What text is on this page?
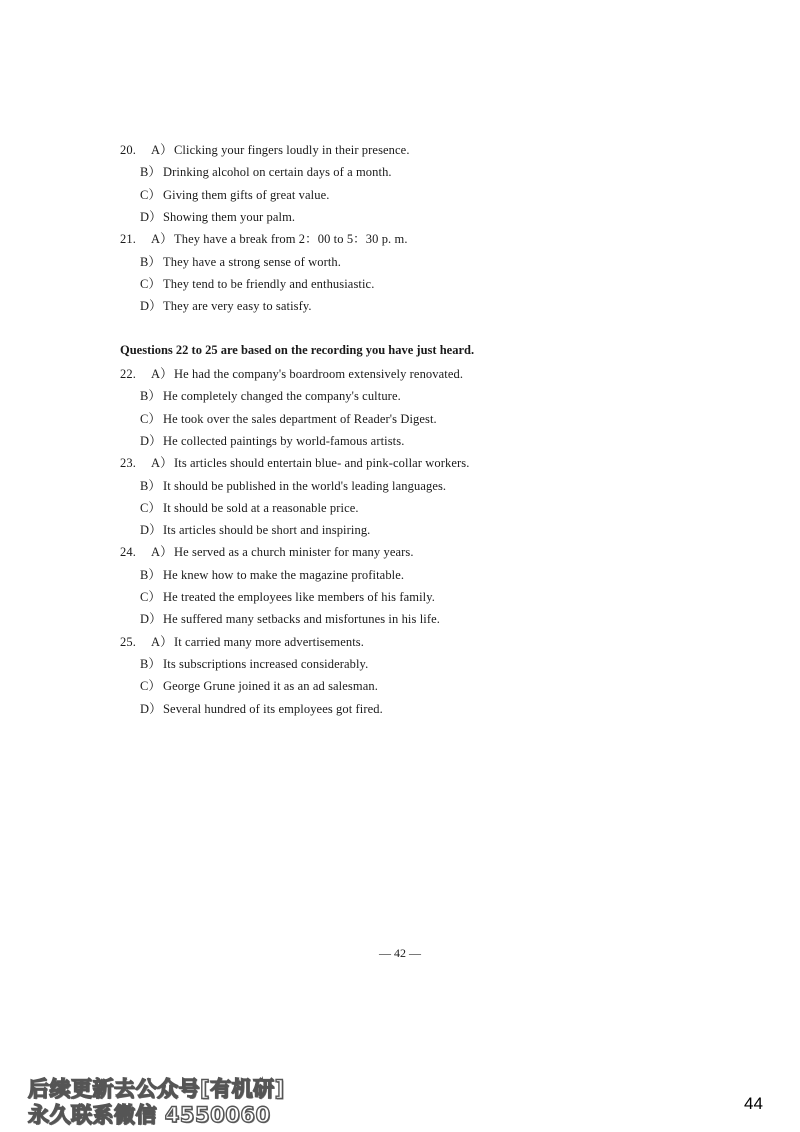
20. A）Clicking your fingers loudly in their presence.
B） Drinking alcohol on certain days of a month.
C） Giving them gifts of great value.
D）Showing them your palm.
21. A）They have a break from 2：00 to 5：30 p. m.
B） They have a strong sense of worth.
C） They tend to be friendly and enthusiastic.
D）They are very easy to satisfy.
Questions 22 to 25 are based on the recording you have just heard.
22. A）He had the company's boardroom extensively renovated.
B） He completely changed the company's culture.
C） He took over the sales department of Reader's Digest.
D）He collected paintings by world-famous artists.
23. A）Its articles should entertain blue- and pink-collar workers.
B） It should be published in the world's leading languages.
C） It should be sold at a reasonable price.
D）Its articles should be short and inspiring.
24. A）He served as a church minister for many years.
B） He knew how to make the magazine profitable.
C） He treated the employees like members of his family.
D）He suffered many setbacks and misfortunes in his life.
25. A）It carried many more advertisements.
B） Its subscriptions increased considerably.
C） George Grune joined it as an ad salesman.
D）Several hundred of its employees got fired.
— 42 —
后续更新去公众号[有机研]
永久联系微信 4550060	44
